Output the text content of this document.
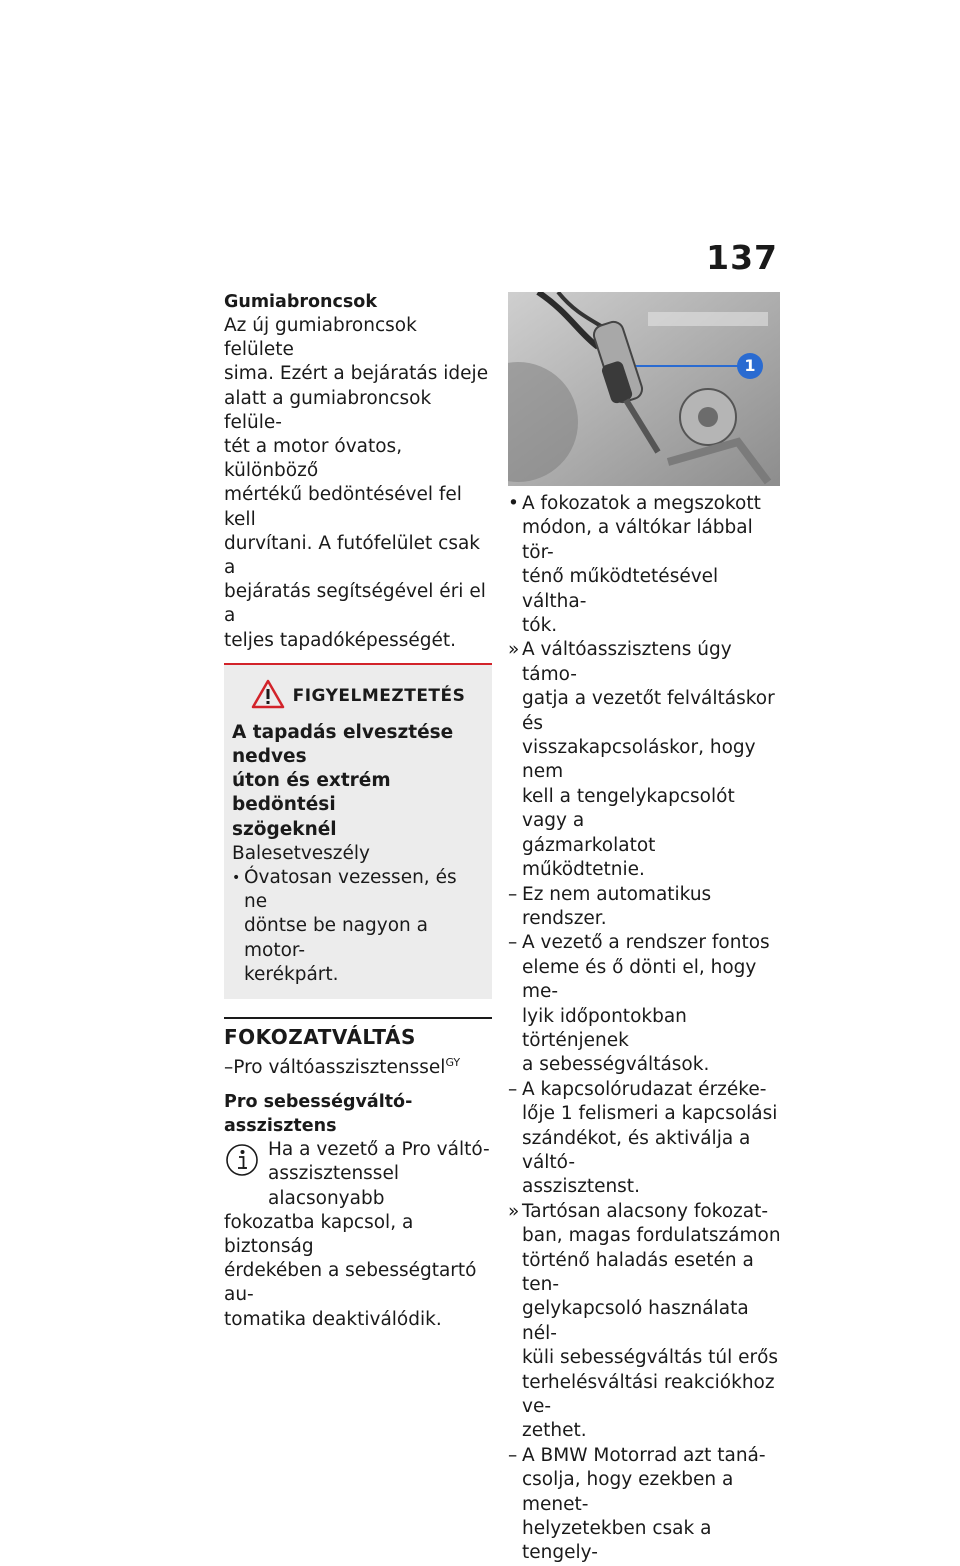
137

Gumiabroncsok

Az új gumiabroncsok felülete

sima. Ezért a bejáratás ideje

alatt a gumiabroncsok felüle-

tét a motor óvatos, különböző

mértékű bedöntésével fel kell

durvítani. A futófelület csak a

bejáratás segítségével éri el a

teljes tapadóképességét.

FIGYELMEZTETÉS

A tapadás elvesztése nedves

úton és extrém bedöntési

szögeknél

Balesetveszély

• Óvatosan vezessen, és ne

döntse be nagyon a motor-

kerékpárt.

FOKOZATVÁLTÁS
–Pro váltóasszisztenssel$^{GY}$

Pro sebességváltó-asszisztens

Ha a vezető a Pro váltó-

asszisztenssel alacsonyabb

fokozatba kapcsol, a biztonság

érdekében a sebességtartó au-

tomatika deaktiválódik.

1
• A fokozatok a megszokott
módon, a váltókar lábbal tör-
ténő működtetésével váltha-
tók.
» A váltóasszisztens úgy támo-
gatja a vezetőt felváltáskor és
visszakapcsoláskor, hogy nem
kell a tengelykapcsolót vagy a
gázmarkolatot működtetnie.
– Ez nem automatikus rendszer.
– A vezető a rendszer fontos
eleme és ő dönti el, hogy me-
lyik időpontokban történjenek
a sebességváltások.
– A kapcsolórudazat érzéke-
lője 1 felismeri a kapcsolási
szándékot, és aktiválja a váltó-
asszisztenst.
» Tartósan alacsony fokozat-
ban, magas fordulatszámon
történő haladás esetén a ten-
gelykapcsoló használata nél-
küli sebességváltás túl erős
terhelésváltási reakciókhoz ve-
zethet.
– A BMW Motorrad azt taná-
csolja, hogy ezekben a menet-
helyzetekben csak a tengely-
